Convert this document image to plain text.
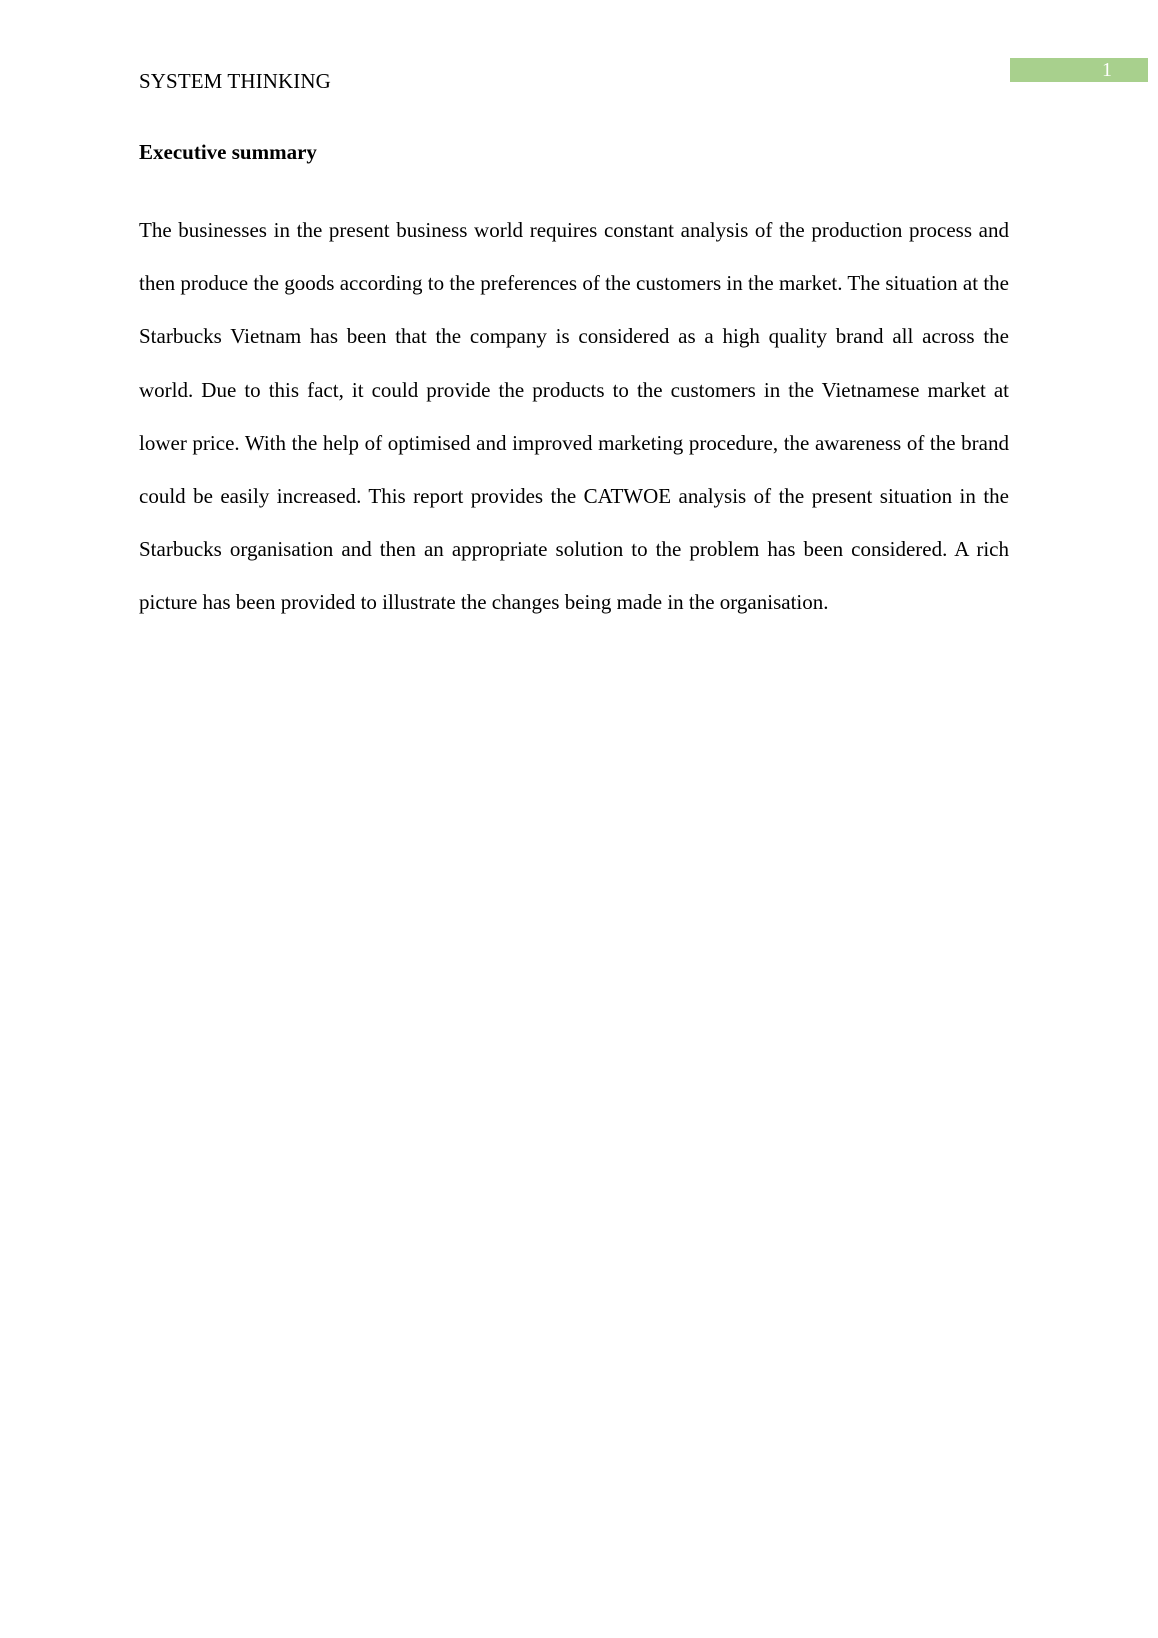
1
SYSTEM THINKING
Executive summary

The businesses in the present business world requires constant analysis of the production process and then produce the goods according to the preferences of the customers in the market. The situation at the Starbucks Vietnam has been that the company is considered as a high quality brand all across the world. Due to this fact, it could provide the products to the customers in the Vietnamese market at lower price. With the help of optimised and improved marketing procedure, the awareness of the brand could be easily increased. This report provides the CATWOE analysis of the present situation in the Starbucks organisation and then an appropriate solution to the problem has been considered. A rich picture has been provided to illustrate the changes being made in the organisation.
